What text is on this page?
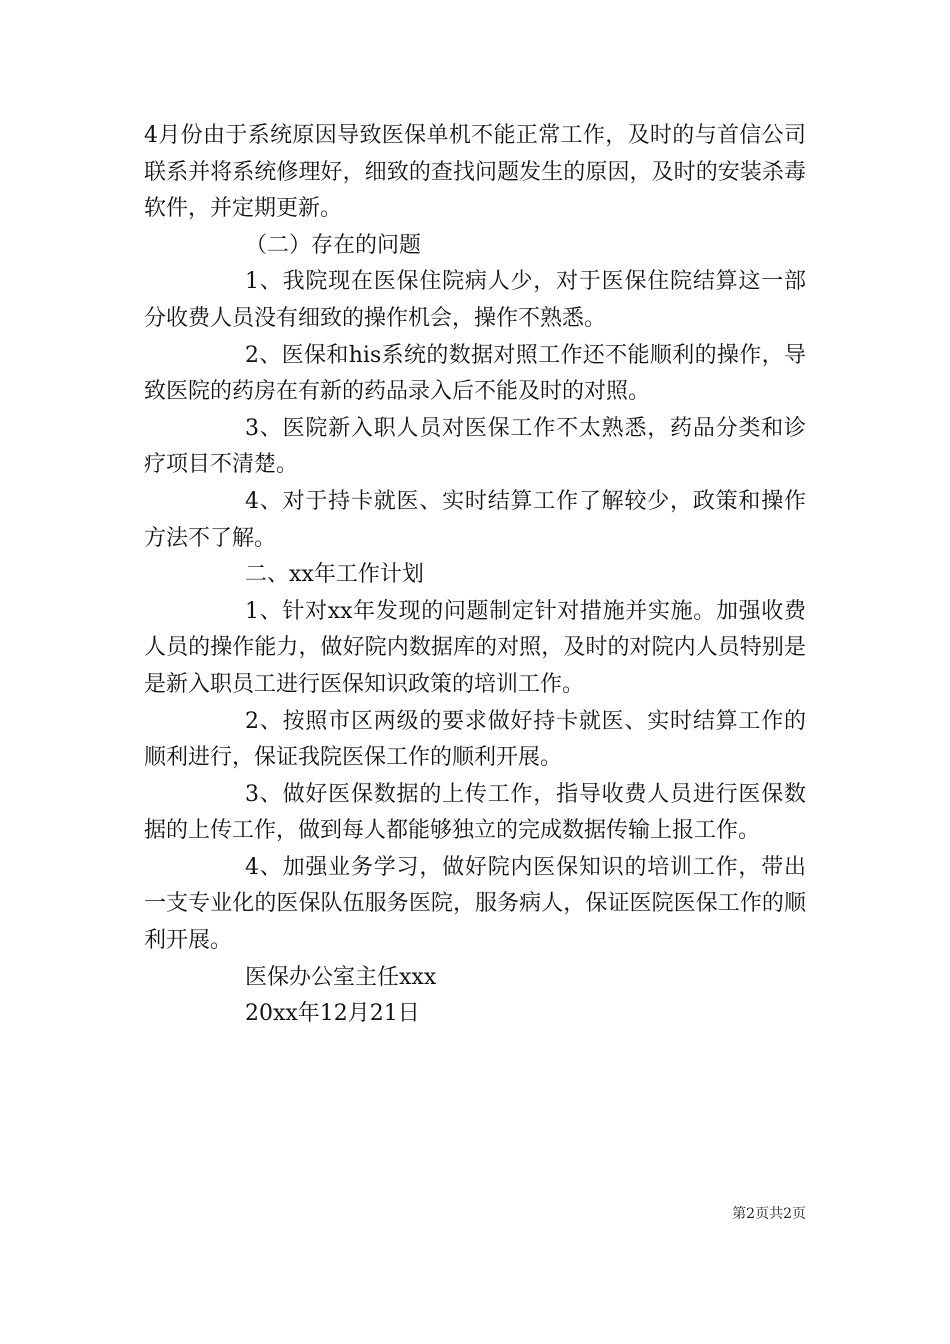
4月份由于系统原因导致医保单机不能正常工作，及时的与首信公司联系并将系统修理好，细致的查找问题发生的原因，及时的安装杀毒软件，并定期更新。

（二）存在的问题

1、我院现在医保住院病人少，对于医保住院结算这一部分收费人员没有细致的操作机会，操作不熟悉。

2、医保和his系统的数据对照工作还不能顺利的操作，导致医院的药房在有新的药品录入后不能及时的对照。

3、医院新入职人员对医保工作不太熟悉，药品分类和诊疗项目不清楚。

4、对于持卡就医、实时结算工作了解较少，政策和操作方法不了解。

二、xx年工作计划

1、针对xx年发现的问题制定针对措施并实施。加强收费人员的操作能力，做好院内数据库的对照，及时的对院内人员特别是是新入职员工进行医保知识政策的培训工作。

2、按照市区两级的要求做好持卡就医、实时结算工作的顺利进行，保证我院医保工作的顺利开展。

3、做好医保数据的上传工作，指导收费人员进行医保数据的上传工作，做到每人都能够独立的完成数据传输上报工作。

4、加强业务学习，做好院内医保知识的培训工作，带出一支专业化的医保队伍服务医院，服务病人，保证医院医保工作的顺利开展。

医保办公室主任xxx

20xx年12月21日

第2页共2页
